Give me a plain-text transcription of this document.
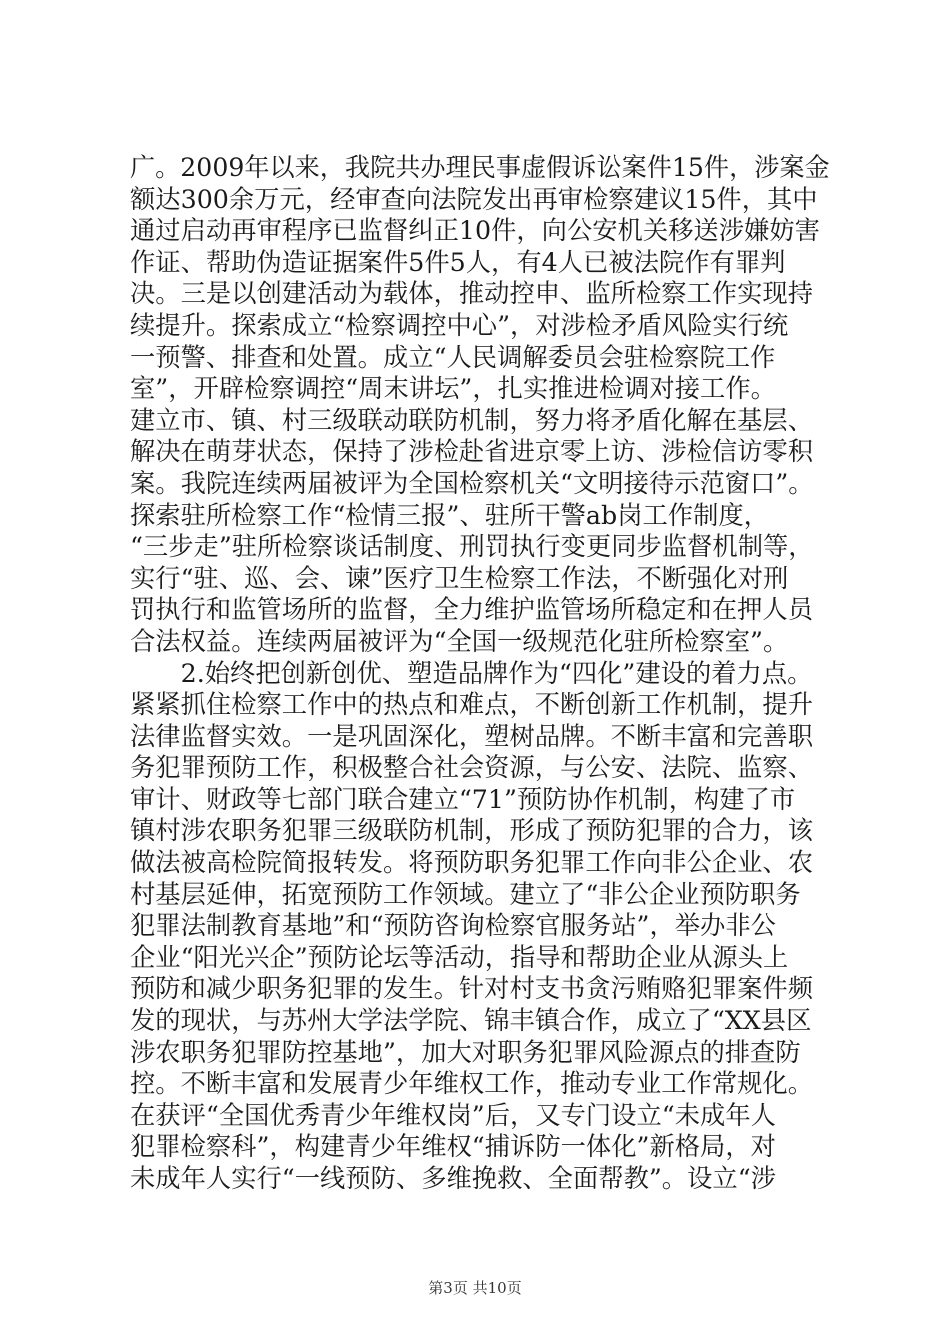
广。2009年以来，我院共办理民事虚假诉讼案件15件，涉案金
额达300余万元，经审查向法院发出再审检察建议15件，其中
通过启动再审程序已监督纠正10件，向公安机关移送涉嫌妨害
作证、帮助伪造证据案件5件5人，有4人已被法院作有罪判
决。三是以创建活动为载体，推动控申、监所检察工作实现持
续提升。探索成立“检察调控中心”，对涉检矛盾风险实行统
一预警、排查和处置。成立“人民调解委员会驻检察院工作
室”，开辟检察调控“周末讲坛”，扎实推进检调对接工作。
建立市、镇、村三级联动联防机制，努力将矛盾化解在基层、
解决在萌芽状态，保持了涉检赴省进京零上访、涉检信访零积
案。我院连续两届被评为全国检察机关“文明接待示范窗口”。
探索驻所检察工作“检情三报”、驻所干警ab岗工作制度，
“三步走”驻所检察谈话制度、刑罚执行变更同步监督机制等，
实行“驻、巡、会、谏”医疗卫生检察工作法，不断强化对刑
罚执行和监管场所的监督，全力维护监管场所稳定和在押人员
合法权益。连续两届被评为“全国一级规范化驻所检察室”。
　　2.始终把创新创优、塑造品牌作为“四化”建设的着力点。
紧紧抓住检察工作中的热点和难点，不断创新工作机制，提升
法律监督实效。一是巩固深化，塑树品牌。不断丰富和完善职
务犯罪预防工作，积极整合社会资源，与公安、法院、监察、
审计、财政等七部门联合建立“71”预防协作机制，构建了市
镇村涉农职务犯罪三级联防机制，形成了预防犯罪的合力，该
做法被高检院简报转发。将预防职务犯罪工作向非公企业、农
村基层延伸，拓宽预防工作领域。建立了“非公企业预防职务
犯罪法制教育基地”和“预防咨询检察官服务站”，举办非公
企业“阳光兴企”预防论坛等活动，指导和帮助企业从源头上
预防和减少职务犯罪的发生。针对村支书贪污贿赂犯罪案件频
发的现状，与苏州大学法学院、锦丰镇合作，成立了“XX县区
涉农职务犯罪防控基地”，加大对职务犯罪风险源点的排查防
控。不断丰富和发展青少年维权工作，推动专业工作常规化。
在获评“全国优秀青少年维权岗”后，又专门设立“未成年人
犯罪检察科”，构建青少年维权“捕诉防一体化”新格局，对
未成年人实行“一线预防、多维挽救、全面帮教”。设立“涉
第3页 共10页
